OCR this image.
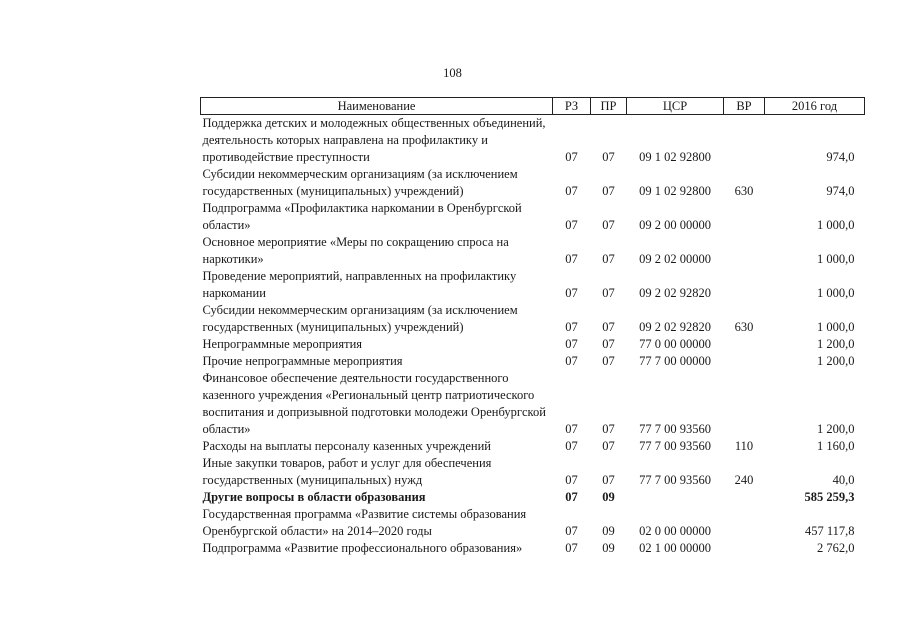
108
Наименование	РЗ	ПР	ЦСР	ВР	2016 год
Поддержка детских и молодежных общественных объединений, деятельность которых направлена на профилактику и противодействие преступности	07	07	09 1 02 92800		974,0
Субсидии некоммерческим организациям (за исключением государственных (муниципальных) учреждений)	07	07	09 1 02 92800	630	974,0
Подпрограмма «Профилактика наркомании в Оренбургской области»	07	07	09 2 00 00000		1 000,0
Основное мероприятие «Меры по сокращению спроса на наркотики»	07	07	09 2 02 00000		1 000,0
Проведение мероприятий, направленных на профилактику наркомании	07	07	09 2 02 92820		1 000,0
Субсидии некоммерческим организациям (за исключением государственных (муниципальных) учреждений)	07	07	09 2 02 92820	630	1 000,0
Непрограммные мероприятия	07	07	77 0 00 00000		1 200,0
Прочие непрограммные мероприятия	07	07	77 7 00 00000		1 200,0
Финансовое обеспечение деятельности государственного казенного учреждения «Региональный центр патриотического воспитания и допризывной подготовки молодежи Оренбургской области»	07	07	77 7 00 93560		1 200,0
Расходы на выплаты персоналу казенных учреждений	07	07	77 7 00 93560	110	1 160,0
Иные закупки товаров, работ и услуг для обеспечения государственных (муниципальных) нужд	07	07	77 7 00 93560	240	40,0
Другие вопросы в области образования	07	09			585 259,3
Государственная программа «Развитие системы образования Оренбургской области» на 2014–2020 годы	07	09	02 0 00 00000		457 117,8
Подпрограмма «Развитие профессионального образования»	07	09	02 1 00 00000		2 762,0
